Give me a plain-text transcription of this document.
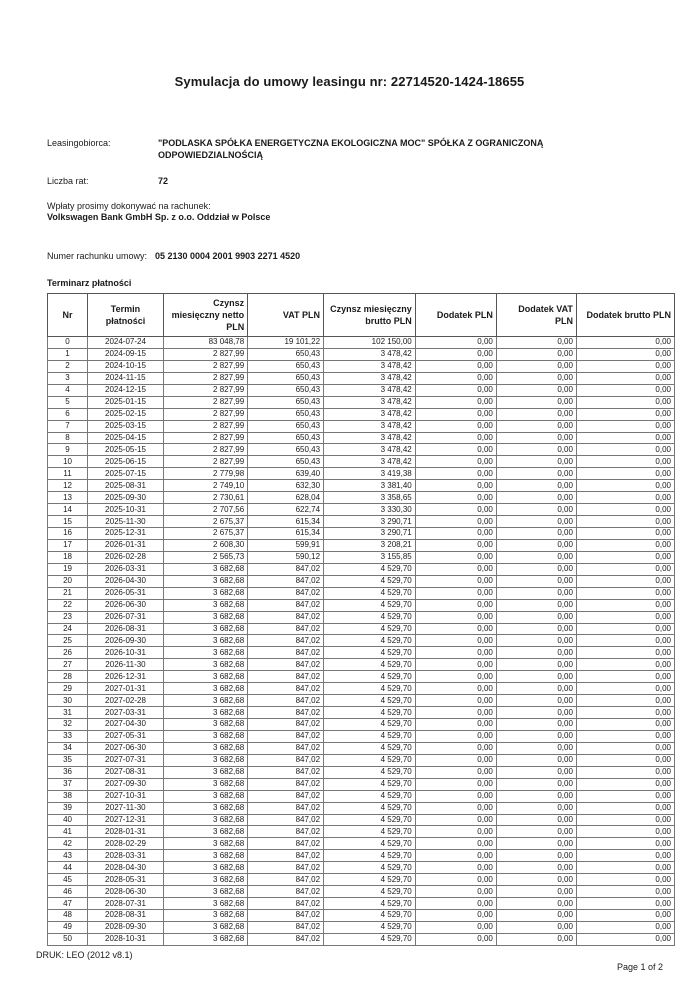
Symulacja do umowy leasingu nr: 22714520-1424-18655
Leasingobiorca:	"PODLASKA SPÓŁKA ENERGETYCZNA EKOLOGICZNA MOC" SPÓŁKA Z OGRANICZONĄ
ODPOWIEDZIALNOŚCIĄ
Liczba rat:	72
Wpłaty prosimy dokonywać na rachunek:
Volkswagen Bank GmbH Sp. z o.o. Oddział w Polsce
Numer rachunku umowy: 05 2130 0004 2001 9903 2271 4520
Terminarz płatności
Nr	Termin płatności	Czynsz miesięczny netto PLN	VAT PLN	Czynsz miesięczny brutto PLN	Dodatek PLN	Dodatek VAT PLN	Dodatek brutto PLN
0	2024-07-24	83 048,78	19 101,22	102 150,00	0,00	0,00	0,00
1	2024-09-15	2 827,99	650,43	3 478,42	0,00	0,00	0,00
2	2024-10-15	2 827,99	650,43	3 478,42	0,00	0,00	0,00
3	2024-11-15	2 827,99	650,43	3 478,42	0,00	0,00	0,00
4	2024-12-15	2 827,99	650,43	3 478,42	0,00	0,00	0,00
5	2025-01-15	2 827,99	650,43	3 478,42	0,00	0,00	0,00
6	2025-02-15	2 827,99	650,43	3 478,42	0,00	0,00	0,00
7	2025-03-15	2 827,99	650,43	3 478,42	0,00	0,00	0,00
8	2025-04-15	2 827,99	650,43	3 478,42	0,00	0,00	0,00
9	2025-05-15	2 827,99	650,43	3 478,42	0,00	0,00	0,00
10	2025-06-15	2 827,99	650,43	3 478,42	0,00	0,00	0,00
11	2025-07-15	2 779,98	639,40	3 419,38	0,00	0,00	0,00
12	2025-08-31	2 749,10	632,30	3 381,40	0,00	0,00	0,00
13	2025-09-30	2 730,61	628,04	3 358,65	0,00	0,00	0,00
14	2025-10-31	2 707,56	622,74	3 330,30	0,00	0,00	0,00
15	2025-11-30	2 675,37	615,34	3 290,71	0,00	0,00	0,00
16	2025-12-31	2 675,37	615,34	3 290,71	0,00	0,00	0,00
17	2026-01-31	2 608,30	599,91	3 208,21	0,00	0,00	0,00
18	2026-02-28	2 565,73	590,12	3 155,85	0,00	0,00	0,00
19	2026-03-31	3 682,68	847,02	4 529,70	0,00	0,00	0,00
20	2026-04-30	3 682,68	847,02	4 529,70	0,00	0,00	0,00
21	2026-05-31	3 682,68	847,02	4 529,70	0,00	0,00	0,00
22	2026-06-30	3 682,68	847,02	4 529,70	0,00	0,00	0,00
23	2026-07-31	3 682,68	847,02	4 529,70	0,00	0,00	0,00
24	2026-08-31	3 682,68	847,02	4 529,70	0,00	0,00	0,00
25	2026-09-30	3 682,68	847,02	4 529,70	0,00	0,00	0,00
26	2026-10-31	3 682,68	847,02	4 529,70	0,00	0,00	0,00
27	2026-11-30	3 682,68	847,02	4 529,70	0,00	0,00	0,00
28	2026-12-31	3 682,68	847,02	4 529,70	0,00	0,00	0,00
29	2027-01-31	3 682,68	847,02	4 529,70	0,00	0,00	0,00
30	2027-02-28	3 682,68	847,02	4 529,70	0,00	0,00	0,00
31	2027-03-31	3 682,68	847,02	4 529,70	0,00	0,00	0,00
32	2027-04-30	3 682,68	847,02	4 529,70	0,00	0,00	0,00
33	2027-05-31	3 682,68	847,02	4 529,70	0,00	0,00	0,00
34	2027-06-30	3 682,68	847,02	4 529,70	0,00	0,00	0,00
35	2027-07-31	3 682,68	847,02	4 529,70	0,00	0,00	0,00
36	2027-08-31	3 682,68	847,02	4 529,70	0,00	0,00	0,00
37	2027-09-30	3 682,68	847,02	4 529,70	0,00	0,00	0,00
38	2027-10-31	3 682,68	847,02	4 529,70	0,00	0,00	0,00
39	2027-11-30	3 682,68	847,02	4 529,70	0,00	0,00	0,00
40	2027-12-31	3 682,68	847,02	4 529,70	0,00	0,00	0,00
41	2028-01-31	3 682,68	847,02	4 529,70	0,00	0,00	0,00
42	2028-02-29	3 682,68	847,02	4 529,70	0,00	0,00	0,00
43	2028-03-31	3 682,68	847,02	4 529,70	0,00	0,00	0,00
44	2028-04-30	3 682,68	847,02	4 529,70	0,00	0,00	0,00
45	2028-05-31	3 682,68	847,02	4 529,70	0,00	0,00	0,00
46	2028-06-30	3 682,68	847,02	4 529,70	0,00	0,00	0,00
47	2028-07-31	3 682,68	847,02	4 529,70	0,00	0,00	0,00
48	2028-08-31	3 682,68	847,02	4 529,70	0,00	0,00	0,00
49	2028-09-30	3 682,68	847,02	4 529,70	0,00	0,00	0,00
50	2028-10-31	3 682,68	847,02	4 529,70	0,00	0,00	0,00
DRUK: LEO (2012 v8.1)
Page 1 of 2
